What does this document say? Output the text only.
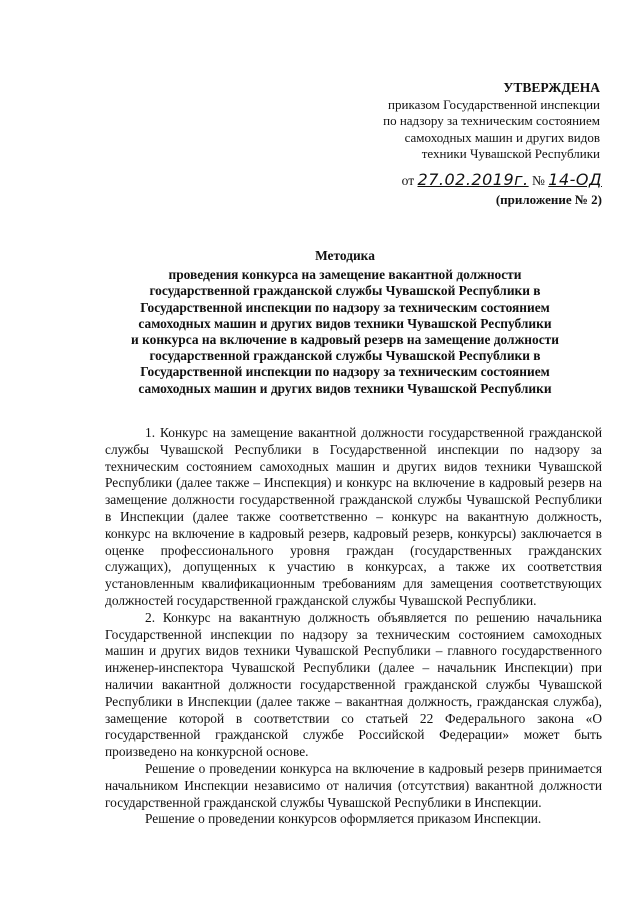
УТВЕРЖДЕНА
приказом Государственной инспекции
по надзору за техническим состоянием
самоходных машин и других видов
техники Чувашской Республики
от 27.02.2019г. № 14-ОД
(приложение № 2)
Методика
проведения конкурса на замещение вакантной должности
государственной гражданской службы Чувашской Республики в
Государственной инспекции по надзору за техническим состоянием
самоходных машин и других видов техники Чувашской Республики
и конкурса на включение в кадровый резерв на замещение должности
государственной гражданской службы Чувашской Республики в
Государственной инспекции по надзору за техническим состоянием
самоходных машин и других видов техники Чувашской Республики

1. Конкурс на замещение вакантной должности государственной гражданской службы Чувашской Республики в Государственной инспекции по надзору за техническим состоянием самоходных машин и других видов техники Чувашской Республики (далее также – Инспекция) и конкурс на включение в кадровый резерв на замещение должности государственной гражданской службы Чувашской Республики в Инспекции (далее также соответственно – конкурс на вакантную должность, конкурс на включение в кадровый резерв, кадровый резерв, конкурсы) заключается в оценке профессионального уровня граждан (государственных гражданских служащих), допущенных к участию в конкурсах, а также их соответствия установленным квалификационным требованиям для замещения соответствующих должностей государственной гражданской службы Чувашской Республики.

2. Конкурс на вакантную должность объявляется по решению начальника Государственной инспекции по надзору за техническим состоянием самоходных машин и других видов техники Чувашской Республики – главного государственного инженер-инспектора Чувашской Республики (далее – начальник Инспекции) при наличии вакантной должности государственной гражданской службы Чувашской Республики в Инспекции (далее также – вакантная должность, гражданская служба), замещение которой в соответствии со статьей 22 Федерального закона «О государственной гражданской службе Российской Федерации» может быть произведено на конкурсной основе.

Решение о проведении конкурса на включение в кадровый резерв принимается начальником Инспекции независимо от наличия (отсутствия) вакантной должности государственной гражданской службы Чувашской Республики в Инспекции.

Решение о проведении конкурсов оформляется приказом Инспекции.
